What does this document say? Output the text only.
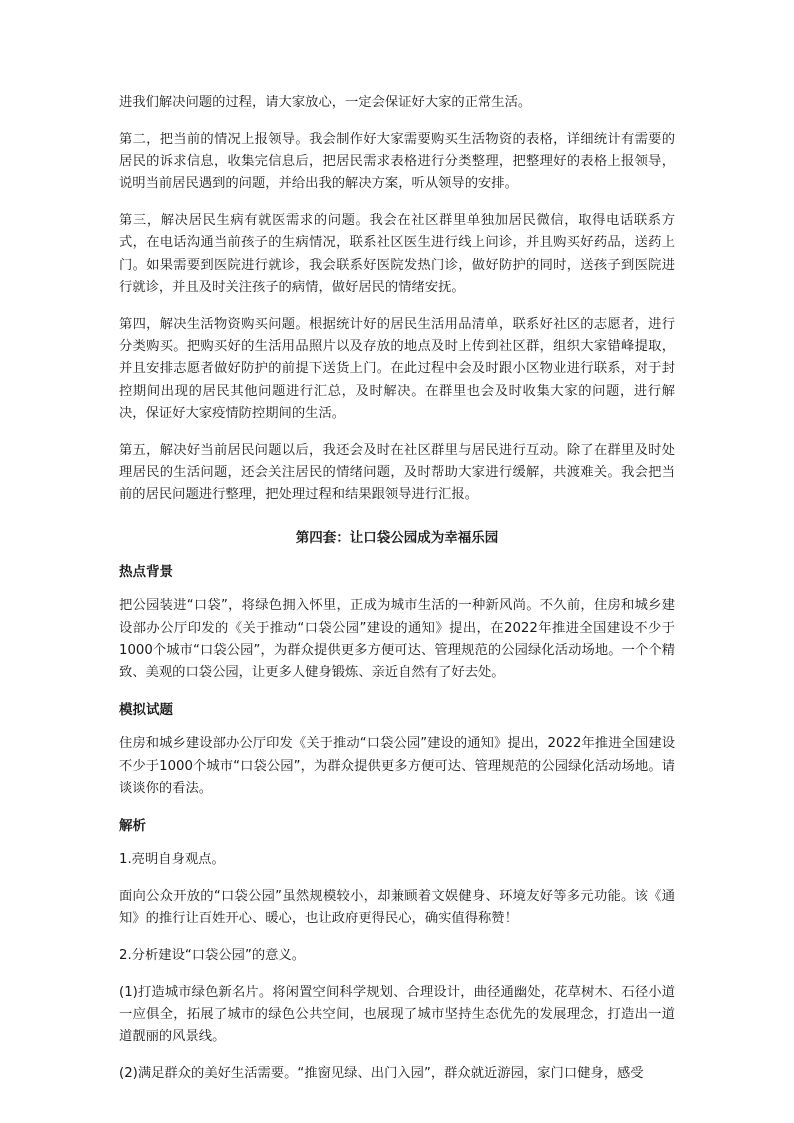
进我们解决问题的过程，请大家放心，一定会保证好大家的正常生活。

第二，把当前的情况上报领导。我会制作好大家需要购买生活物资的表格，详细统计有需要的居民的诉求信息，收集完信息后，把居民需求表格进行分类整理，把整理好的表格上报领导，说明当前居民遇到的问题，并给出我的解决方案，听从领导的安排。

第三，解决居民生病有就医需求的问题。我会在社区群里单独加居民微信，取得电话联系方式，在电话沟通当前孩子的生病情况，联系社区医生进行线上问诊，并且购买好药品，送药上门。如果需要到医院进行就诊，我会联系好医院发热门诊，做好防护的同时，送孩子到医院进行就诊，并且及时关注孩子的病情，做好居民的情绪安抚。

第四，解决生活物资购买问题。根据统计好的居民生活用品清单，联系好社区的志愿者，进行分类购买。把购买好的生活用品照片以及存放的地点及时上传到社区群，组织大家错峰提取，并且安排志愿者做好防护的前提下送货上门。在此过程中会及时跟小区物业进行联系，对于封控期间出现的居民其他问题进行汇总，及时解决。在群里也会及时收集大家的问题，进行解决，保证好大家疫情防控期间的生活。

第五，解决好当前居民问题以后，我还会及时在社区群里与居民进行互动。除了在群里及时处理居民的生活问题，还会关注居民的情绪问题，及时帮助大家进行缓解，共渡难关。我会把当前的居民问题进行整理，把处理过程和结果跟领导进行汇报。

第四套：让口袋公园成为幸福乐园
热点背景

把公园装进“口袋”，将绿色拥入怀里，正成为城市生活的一种新风尚。不久前，住房和城乡建设部办公厅印发的《关于推动“口袋公园”建设的通知》提出，在2022年推进全国建设不少于1000个城市“口袋公园”，为群众提供更多方便可达、管理规范的公园绿化活动场地。一个个精致、美观的口袋公园，让更多人健身锻炼、亲近自然有了好去处。

模拟试题

住房和城乡建设部办公厅印发《关于推动“口袋公园”建设的通知》提出，2022年推进全国建设不少于1000个城市“口袋公园”，为群众提供更多方便可达、管理规范的公园绿化活动场地。请谈谈你的看法。

解析

1.亮明自身观点。

面向公众开放的“口袋公园”虽然规模较小，却兼顾着文娱健身、环境友好等多元功能。该《通知》的推行让百姓开心、暖心，也让政府更得民心，确实值得称赞！

2.分析建设“口袋公园”的意义。

(1)打造城市绿色新名片。将闲置空间科学规划、合理设计，曲径通幽处，花草树木、石径小道一应俱全，拓展了城市的绿色公共空间，也展现了城市坚持生态优先的发展理念，打造出一道道靓丽的风景线。

(2)满足群众的美好生活需要。“推窗见绿、出门入园”，群众就近游园，家门口健身，感受
